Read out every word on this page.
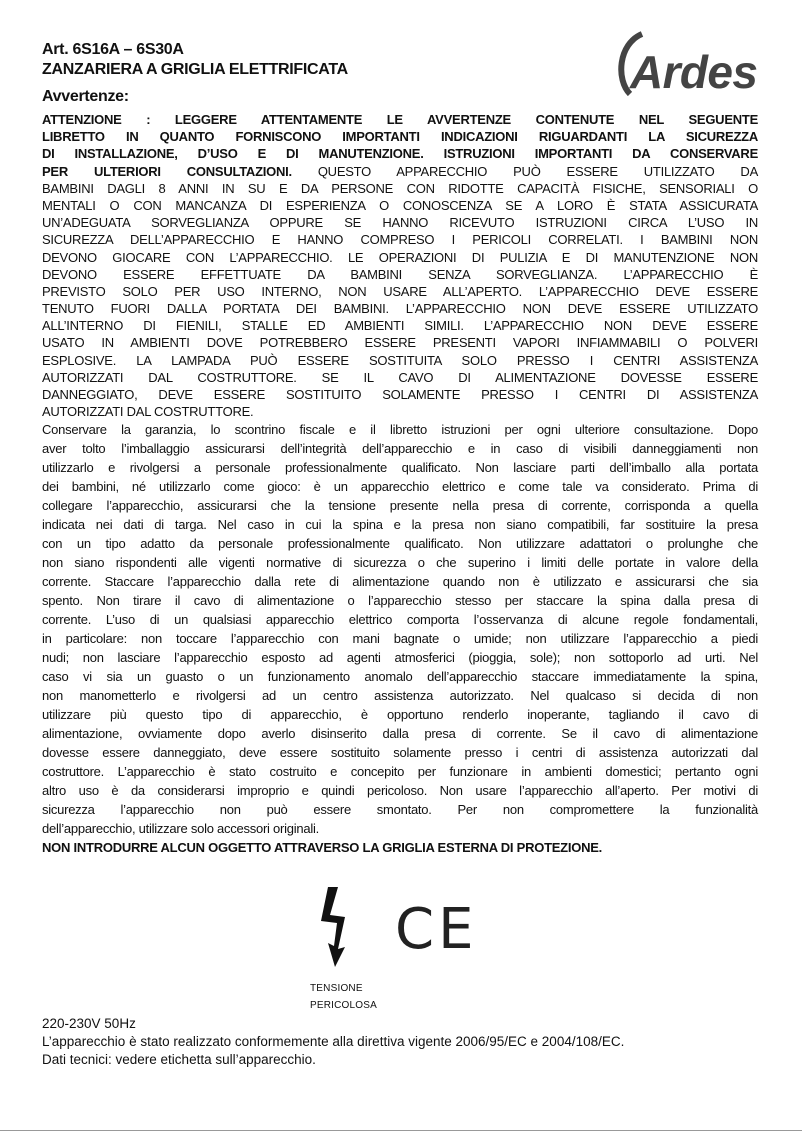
Art. 6S16A – 6S30A
ZANZARIERA A GRIGLIA ELETTRIFICATA
Avvertenze:	Ardes
ATTENZIONE : LEGGERE ATTENTAMENTE LE AVVERTENZE CONTENUTE NEL SEGUENTE
LIBRETTO IN QUANTO FORNISCONO IMPORTANTI INDICAZIONI RIGUARDANTI LA SICUREZZA
DI INSTALLAZIONE, D’USO E DI MANUTENZIONE. ISTRUZIONI IMPORTANTI DA CONSERVARE
PER ULTERIORI CONSULTAZIONI. QUESTO APPARECCHIO PUÒ ESSERE UTILIZZATO DA
BAMBINI DAGLI 8 ANNI IN SU E DA PERSONE CON RIDOTTE CAPACITÀ FISICHE, SENSORIALI O
MENTALI O CON MANCANZA DI ESPERIENZA O CONOSCENZA SE A LORO È STATA ASSICURATA
UN’ADEGUATA SORVEGLIANZA OPPURE SE HANNO RICEVUTO ISTRUZIONI CIRCA L’USO IN
SICUREZZA DELL’APPARECCHIO E HANNO COMPRESO I PERICOLI CORRELATI. I BAMBINI NON
DEVONO GIOCARE CON L’APPARECCHIO. LE OPERAZIONI DI PULIZIA E DI MANUTENZIONE NON
DEVONO ESSERE EFFETTUATE DA BAMBINI SENZA SORVEGLIANZA. L’APPARECCHIO È
PREVISTO SOLO PER USO INTERNO, NON USARE ALL’APERTO. L’APPARECCHIO DEVE ESSERE
TENUTO FUORI DALLA PORTATA DEI BAMBINI. L’APPARECCHIO NON DEVE ESSERE UTILIZZATO
ALL’INTERNO DI FIENILI, STALLE ED AMBIENTI SIMILI. L’APPARECCHIO NON DEVE ESSERE
USATO IN AMBIENTI DOVE POTREBBERO ESSERE PRESENTI VAPORI INFIAMMABILI O POLVERI
ESPLOSIVE. LA LAMPADA PUÒ ESSERE SOSTITUITA SOLO PRESSO I CENTRI ASSISTENZA
AUTORIZZATI DAL COSTRUTTORE. SE IL CAVO DI ALIMENTAZIONE DOVESSE ESSERE
DANNEGGIATO, DEVE ESSERE SOSTITUITO SOLAMENTE PRESSO I CENTRI DI ASSISTENZA
AUTORIZZATI DAL COSTRUTTORE.
Conservare la garanzia, lo scontrino fiscale e il libretto istruzioni per ogni ulteriore consultazione. Dopo
aver tolto l’imballaggio assicurarsi dell’integrità dell’apparecchio e in caso di visibili danneggiamenti non
utilizzarlo e rivolgersi a personale professionalmente qualificato. Non lasciare parti dell’imballo alla portata
dei bambini, né utilizzarlo come gioco: è un apparecchio elettrico e come tale va considerato. Prima di
collegare l’apparecchio, assicurarsi che la tensione presente nella presa di corrente, corrisponda a quella
indicata nei dati di targa. Nel caso in cui la spina e la presa non siano compatibili, far sostituire la presa
con un tipo adatto da personale professionalmente qualificato. Non utilizzare adattatori o prolunghe che
non siano rispondenti alle vigenti normative di sicurezza o che superino i limiti delle portate in valore della
corrente. Staccare l’apparecchio dalla rete di alimentazione quando non è utilizzato e assicurarsi che sia
spento. Non tirare il cavo di alimentazione o l’apparecchio stesso per staccare la spina dalla presa di
corrente. L’uso di un qualsiasi apparecchio elettrico comporta l’osservanza di alcune regole fondamentali,
in particolare: non toccare l’apparecchio con mani bagnate o umide; non utilizzare l’apparecchio a piedi
nudi; non lasciare l’apparecchio esposto ad agenti atmosferici (pioggia, sole); non sottoporlo ad urti. Nel
caso vi sia un guasto o un funzionamento anomalo dell’apparecchio staccare immediatamente la spina,
non manometterlo e rivolgersi ad un centro assistenza autorizzato. Nel qualcaso si decida di non
utilizzare più questo tipo di apparecchio, è opportuno renderlo inoperante, tagliando il cavo di
alimentazione, ovviamente dopo averlo disinserito dalla presa di corrente. Se il cavo di alimentazione
dovesse essere danneggiato, deve essere sostituito solamente presso i centri di assistenza autorizzati dal
costruttore. L’apparecchio è stato costruito e concepito per funzionare in ambienti domestici; pertanto ogni
altro uso è da considerarsi improprio e quindi pericoloso. Non usare l’apparecchio all’aperto. Per motivi di
sicurezza l’apparecchio non può essere smontato. Per non compromettere la funzionalità
dell’apparecchio, utilizzare solo accessori originali.
NON INTRODURRE ALCUN OGGETTO ATTRAVERSO LA GRIGLIA ESTERNA DI PROTEZIONE.
CE
TENSIONE
PERICOLOSA
220-230V 50Hz
L’apparecchio è stato realizzato conformemente alla direttiva vigente 2006/95/EC e 2004/108/EC.
Dati tecnici: vedere etichetta sull’apparecchio.
